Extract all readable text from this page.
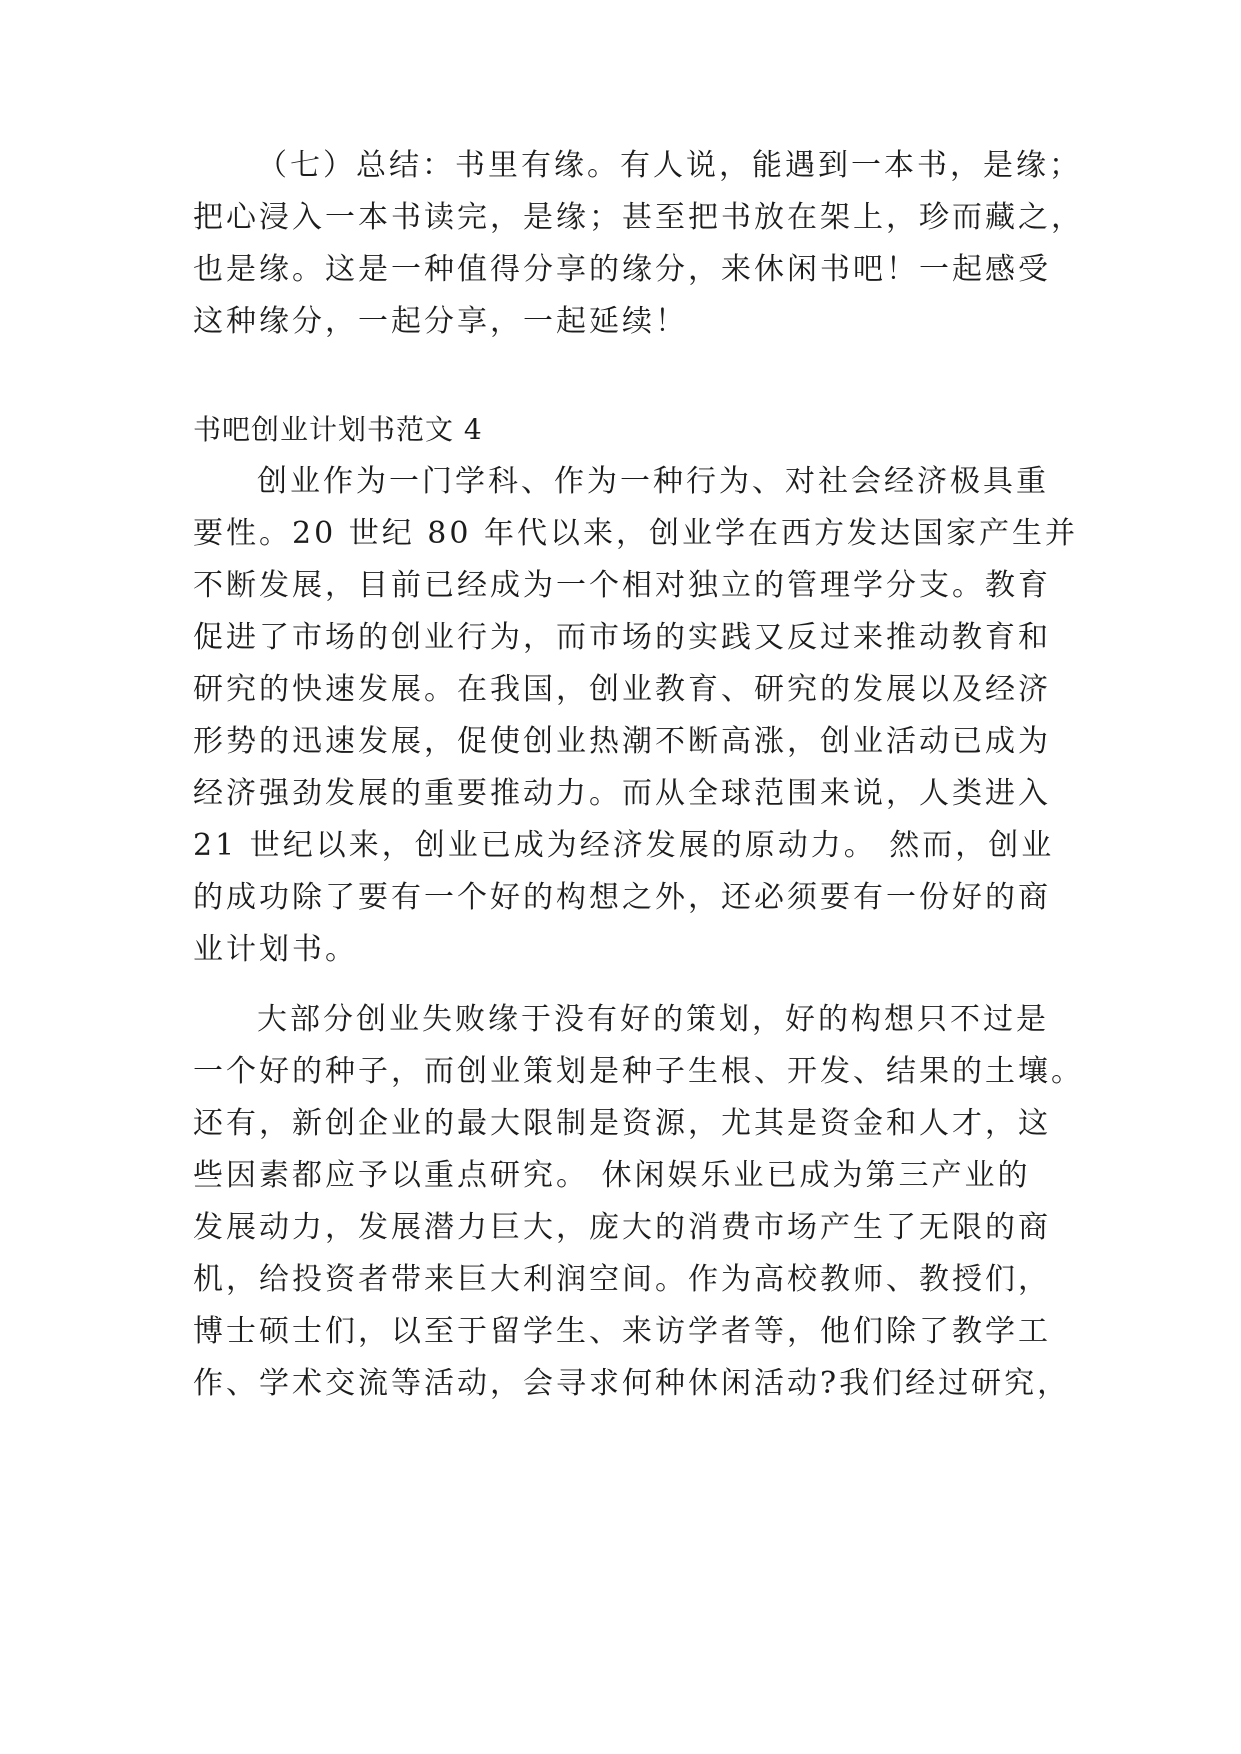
（七）总结：书里有缘。有人说，能遇到一本书，是缘；

把心浸入一本书读完，是缘；甚至把书放在架上，珍而藏之，

也是缘。这是一种值得分享的缘分，来休闲书吧！一起感受

这种缘分，一起分享，一起延续！

书吧创业计划书范文 4

创业作为一门学科、作为一种行为、对社会经济极具重

要性。20 世纪 80 年代以来，创业学在西方发达国家产生并

不断发展，目前已经成为一个相对独立的管理学分支。教育

促进了市场的创业行为，而市场的实践又反过来推动教育和

研究的快速发展。在我国，创业教育、研究的发展以及经济

形势的迅速发展，促使创业热潮不断高涨，创业活动已成为

经济强劲发展的重要推动力。而从全球范围来说，人类进入

21 世纪以来，创业已成为经济发展的原动力。 然而，创业

的成功除了要有一个好的构想之外，还必须要有一份好的商

业计划书。

大部分创业失败缘于没有好的策划，好的构想只不过是

一个好的种子，而创业策划是种子生根、开发、结果的土壤。

还有，新创企业的最大限制是资源，尤其是资金和人才，这

些因素都应予以重点研究。 休闲娱乐业已成为第三产业的

发展动力，发展潜力巨大，庞大的消费市场产生了无限的商

机，给投资者带来巨大利润空间。作为高校教师、教授们，

博士硕士们，以至于留学生、来访学者等，他们除了教学工

作、学术交流等活动，会寻求何种休闲活动?我们经过研究，
